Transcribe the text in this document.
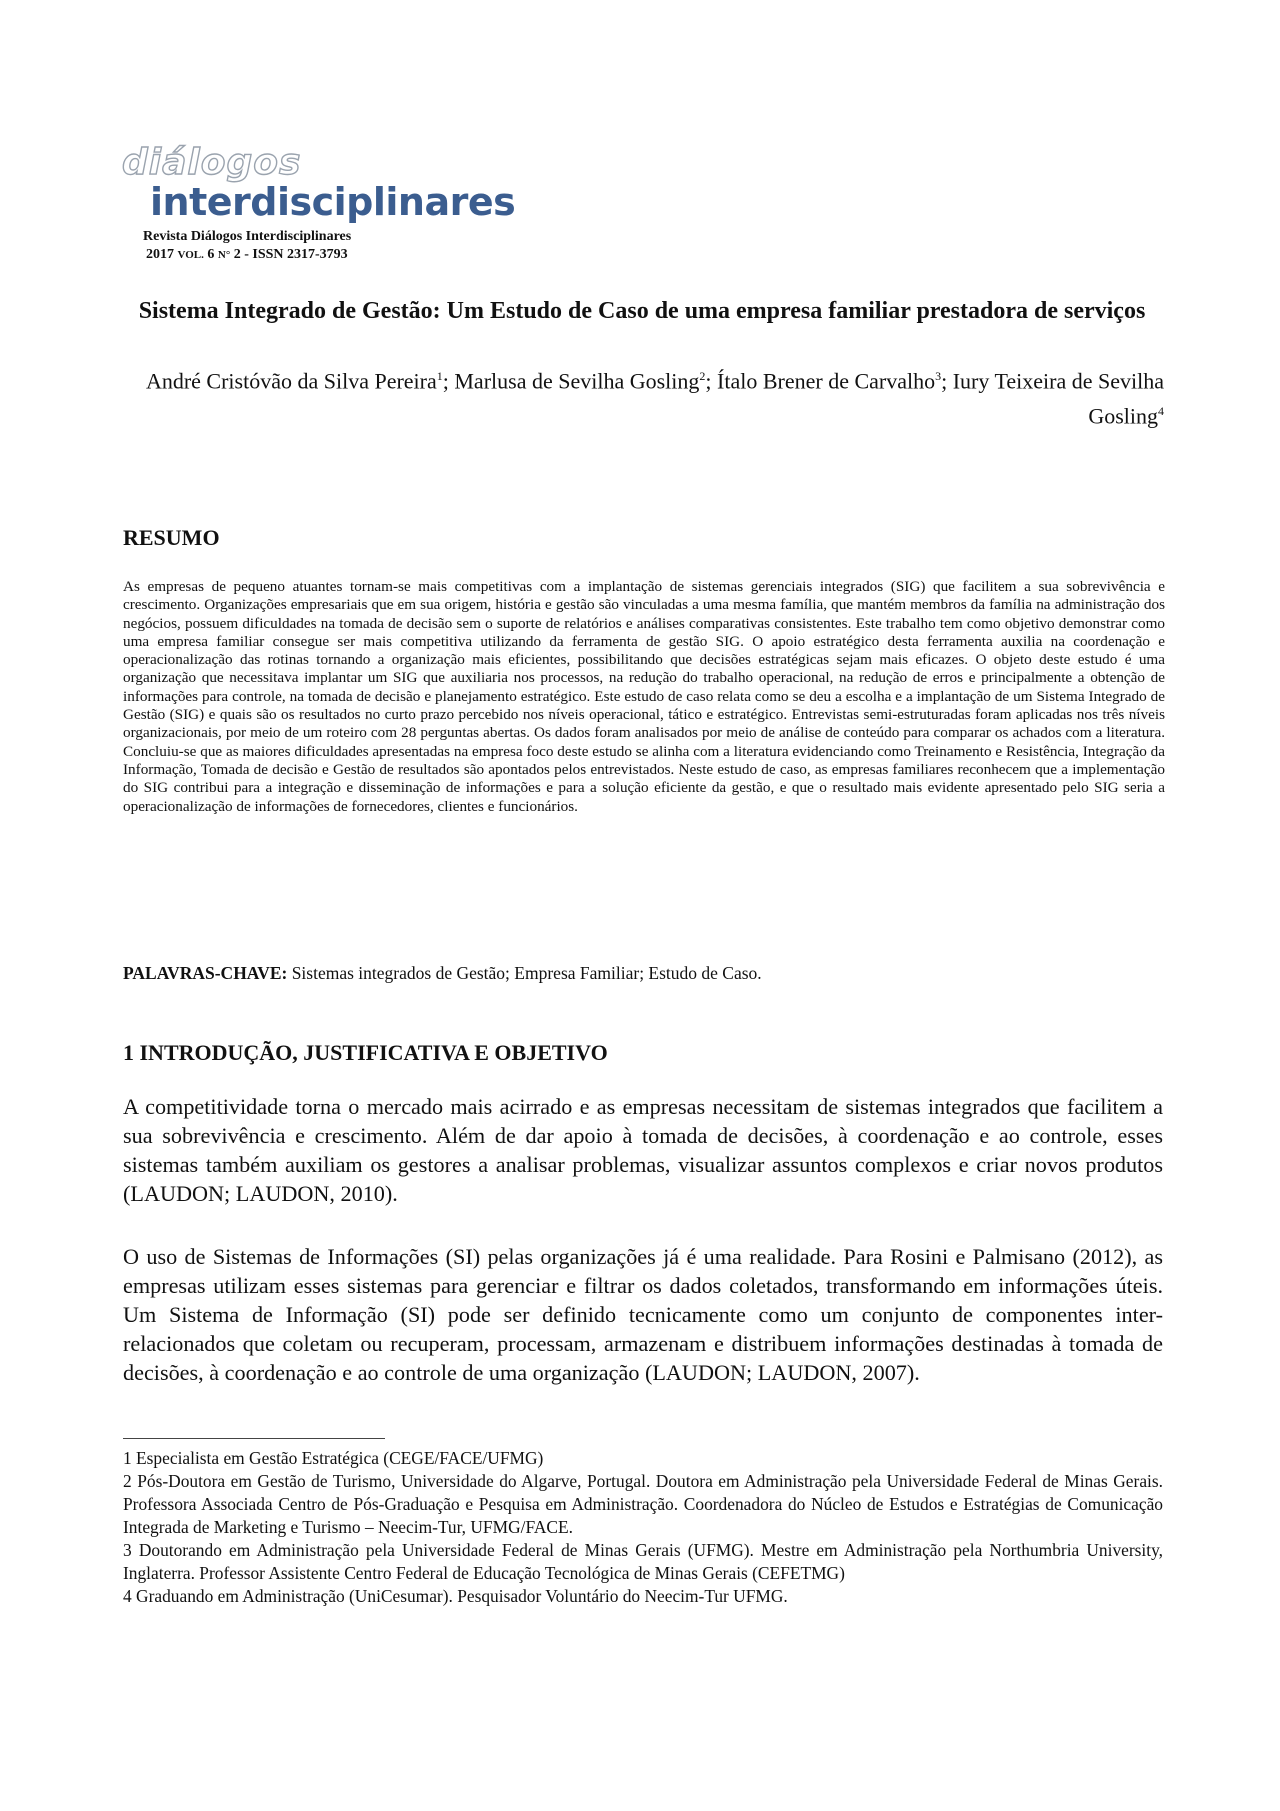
diálogos
interdisciplinares
Revista Diálogos Interdisciplinares
2017 VOL. 6 N° 2 - ISSN 2317-3793
Sistema Integrado de Gestão: Um Estudo de Caso de uma empresa familiar prestadora de serviços
André Cristóvão da Silva Pereira$^1$; Marlusa de Sevilha Gosling$^2$; Ítalo Brener de Carvalho$^3$; Iury Teixeira de Sevilha Gosling$^4$
RESUMO

As empresas de pequeno atuantes tornam-se mais competitivas com a implantação de sistemas gerenciais integrados (SIG) que facilitem a sua sobrevivência e crescimento. Organizações empresariais que em sua origem, história e gestão são vinculadas a uma mesma família, que mantém membros da família na administração dos negócios, possuem dificuldades na tomada de decisão sem o suporte de relatórios e análises comparativas consistentes. Este trabalho tem como objetivo demonstrar como uma empresa familiar consegue ser mais competitiva utilizando da ferramenta de gestão SIG. O apoio estratégico desta ferramenta auxilia na coordenação e operacionalização das rotinas tornando a organização mais eficientes, possibilitando que decisões estratégicas sejam mais eficazes. O objeto deste estudo é uma organização que necessitava implantar um SIG que auxiliaria nos processos, na redução do trabalho operacional, na redução de erros e principalmente a obtenção de informações para controle, na tomada de decisão e planejamento estratégico. Este estudo de caso relata como se deu a escolha e a implantação de um Sistema Integrado de Gestão (SIG) e quais são os resultados no curto prazo percebido nos níveis operacional, tático e estratégico. Entrevistas semi-estruturadas foram aplicadas nos três níveis organizacionais, por meio de um roteiro com 28 perguntas abertas. Os dados foram analisados por meio de análise de conteúdo para comparar os achados com a literatura. Concluiu-se que as maiores dificuldades apresentadas na empresa foco deste estudo se alinha com a literatura evidenciando como Treinamento e Resistência, Integração da Informação, Tomada de decisão e Gestão de resultados são apontados pelos entrevistados. Neste estudo de caso, as empresas familiares reconhecem que a implementação do SIG contribui para a integração e disseminação de informações e para a solução eficiente da gestão, e que o resultado mais evidente apresentado pelo SIG seria a operacionalização de informações de fornecedores, clientes e funcionários.

PALAVRAS-CHAVE: Sistemas integrados de Gestão; Empresa Familiar; Estudo de Caso.

1 INTRODUÇÃO, JUSTIFICATIVA E OBJETIVO

A competitividade torna o mercado mais acirrado e as empresas necessitam de sistemas integrados que facilitem a sua sobrevivência e crescimento. Além de dar apoio à tomada de decisões, à coordenação e ao controle, esses sistemas também auxiliam os gestores a analisar problemas, visualizar assuntos complexos e criar novos produtos (LAUDON; LAUDON, 2010).

O uso de Sistemas de Informações (SI) pelas organizações já é uma realidade. Para Rosini e Palmisano (2012), as empresas utilizam esses sistemas para gerenciar e filtrar os dados coletados, transformando em informações úteis. Um Sistema de Informação (SI) pode ser definido tecnicamente como um conjunto de componentes inter-relacionados que coletam ou recuperam, processam, armazenam e distribuem informações destinadas à tomada de decisões, à coordenação e ao controle de uma organização (LAUDON; LAUDON, 2007).

1 Especialista em Gestão Estratégica (CEGE/FACE/UFMG)

2 Pós-Doutora em Gestão de Turismo, Universidade do Algarve, Portugal. Doutora em Administração pela Universidade Federal de Minas Gerais. Professora Associada Centro de Pós-Graduação e Pesquisa em Administração. Coordenadora do Núcleo de Estudos e Estratégias de Comunicação Integrada de Marketing e Turismo – Neecim-Tur, UFMG/FACE.

3 Doutorando em Administração pela Universidade Federal de Minas Gerais (UFMG). Mestre em Administração pela Northumbria University, Inglaterra. Professor Assistente Centro Federal de Educação Tecnológica de Minas Gerais (CEFETMG)

4 Graduando em Administração (UniCesumar). Pesquisador Voluntário do Neecim-Tur UFMG.
